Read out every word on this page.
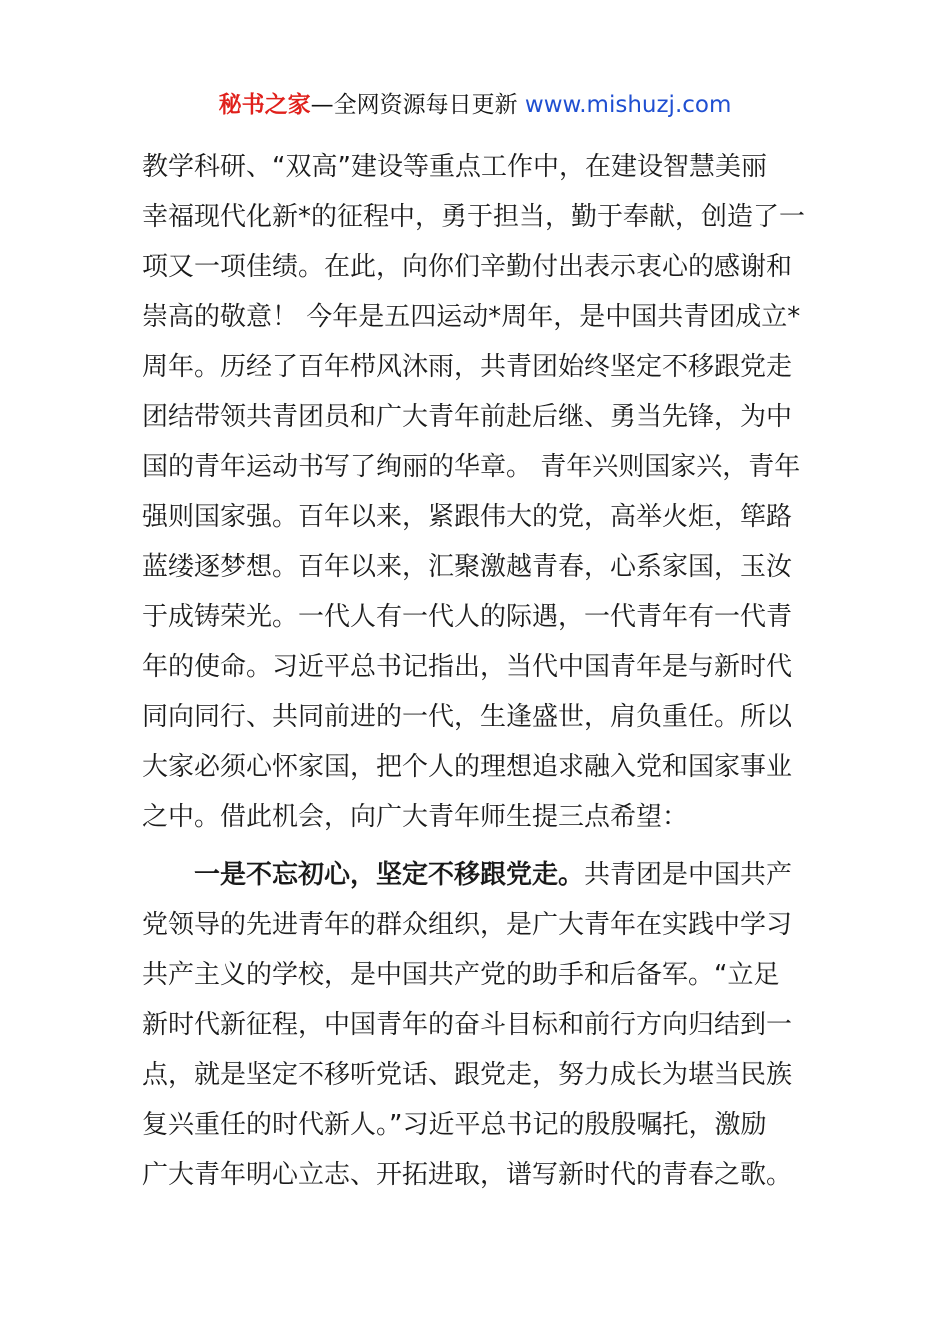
秘书之家—全网资源每日更新 www.mishuzj.com

教学科研、“双高”建设等重点工作中，在建设智慧美丽
幸福现代化新*的征程中，勇于担当，勤于奉献，创造了一
项又一项佳绩。在此，向你们辛勤付出表示衷心的感谢和
崇高的敬意！ 今年是五四运动*周年，是中国共青团成立*
周年。历经了百年栉风沐雨，共青团始终坚定不移跟党走
团结带领共青团员和广大青年前赴后继、勇当先锋，为中
国的青年运动书写了绚丽的华章。 青年兴则国家兴，青年
强则国家强。百年以来，紧跟伟大的党，高举火炬，筚路
蓝缕逐梦想。百年以来，汇聚激越青春，心系家国，玉汝
于成铸荣光。一代人有一代人的际遇，一代青年有一代青
年的使命。习近平总书记指出，当代中国青年是与新时代
同向同行、共同前进的一代，生逢盛世，肩负重任。所以
大家必须心怀家国，把个人的理想追求融入党和国家事业
之中。借此机会，向广大青年师生提三点希望：

一是不忘初心，坚定不移跟党走。共青团是中国共产
党领导的先进青年的群众组织，是广大青年在实践中学习
共产主义的学校，是中国共产党的助手和后备军。“立足
新时代新征程，中国青年的奋斗目标和前行方向归结到一
点，就是坚定不移听党话、跟党走，努力成长为堪当民族
复兴重任的时代新人。”习近平总书记的殷殷嘱托，激励
广大青年明心立志、开拓进取，谱写新时代的青春之歌。
